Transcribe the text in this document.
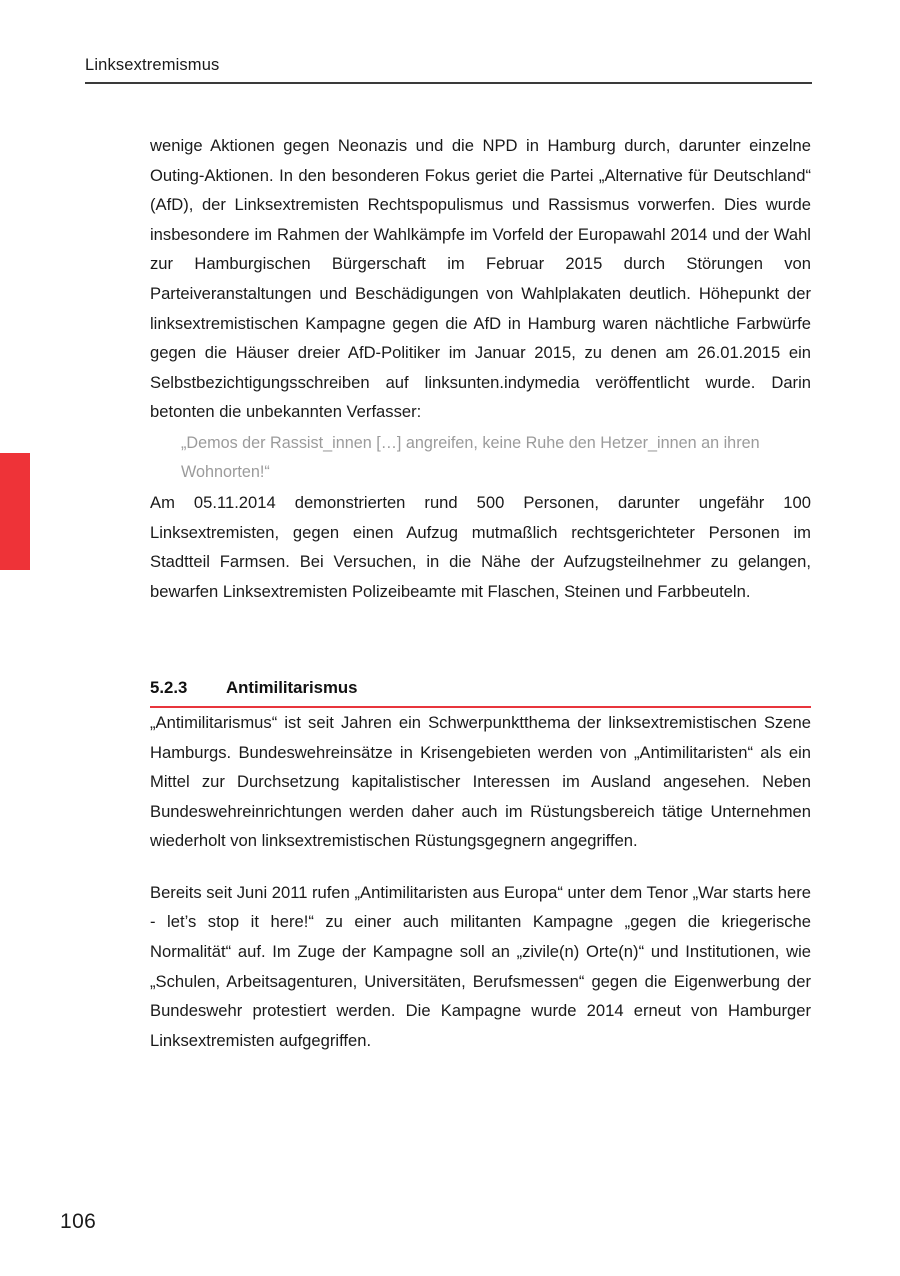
Linksextremismus

wenige Aktionen gegen Neonazis und die NPD in Hamburg durch, darunter einzelne Outing-Aktionen. In den besonderen Fokus geriet die Partei „Alternative für Deutschland“ (AfD), der Linksextremisten Rechtspopulismus und Rassismus vorwerfen. Dies wurde insbesondere im Rahmen der Wahlkämpfe im Vorfeld der Europawahl 2014 und der Wahl zur Hamburgischen Bürgerschaft im Februar 2015 durch Störungen von Parteiveranstaltungen und Beschädigungen von Wahlplakaten deutlich. Höhepunkt der linksextremistischen Kampagne gegen die AfD in Hamburg waren nächtliche Farbwürfe gegen die Häuser dreier AfD-Politiker im Januar 2015, zu denen am 26.01.2015 ein Selbstbezichtigungsschreiben auf linksunten.indymedia veröffentlicht wurde. Darin betonten die unbekannten Verfasser:

„Demos der Rassist_innen […] angreifen, keine Ruhe den Hetzer_innen an ihren Wohnorten!“

Am 05.11.2014 demonstrierten rund 500 Personen, darunter ungefähr 100 Linksextremisten, gegen einen Aufzug mutmaßlich rechtsgerichteter Personen im Stadtteil Farmsen. Bei Versuchen, in die Nähe der Aufzugsteilnehmer zu gelangen, bewarfen Linksextremisten Polizeibeamte mit Flaschen, Steinen und Farbbeuteln.

5.2.3 Antimilitarismus

„Antimilitarismus“ ist seit Jahren ein Schwerpunktthema der linksextremistischen Szene Hamburgs. Bundeswehreinsätze in Krisengebieten werden von „Antimilitaristen“ als ein Mittel zur Durchsetzung kapitalistischer Interessen im Ausland angesehen. Neben Bundeswehreinrichtungen werden daher auch im Rüstungsbereich tätige Unternehmen wiederholt von linksextremistischen Rüstungsgegnern angegriffen.

Bereits seit Juni 2011 rufen „Antimilitaristen aus Europa“ unter dem Tenor „War starts here - let’s stop it here!“ zu einer auch militanten Kampagne „gegen die kriegerische Normalität“ auf. Im Zuge der Kampagne soll an „zivile(n) Orte(n)“ und Institutionen, wie „Schulen, Arbeitsagenturen, Universitäten, Berufsmessen“ gegen die Eigenwerbung der Bundeswehr protestiert werden. Die Kampagne wurde 2014 erneut von Hamburger Linksextremisten aufgegriffen.

106
